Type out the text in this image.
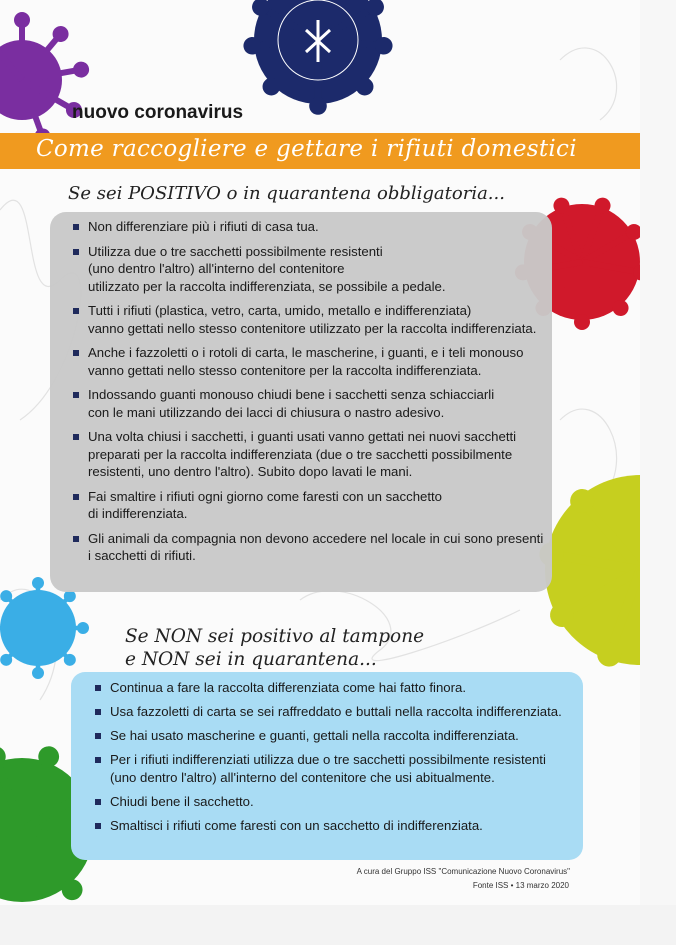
nuovo coronavirus
Come raccogliere e gettare i rifiuti domestici
Se sei POSITIVO o in quarantena obbligatoria...
Non differenziare più i rifiuti di casa tua.
Utilizza due o tre sacchetti possibilmente resistenti
(uno dentro l'altro) all'interno del contenitore
utilizzato per la raccolta indifferenziata, se possibile a pedale.
Tutti i rifiuti (plastica, vetro, carta, umido, metallo e indifferenziata)
vanno gettati nello stesso contenitore utilizzato per la raccolta indifferenziata.
Anche i fazzoletti o i rotoli di carta, le mascherine, i guanti, e i teli monouso
vanno gettati nello stesso contenitore per la raccolta indifferenziata.
Indossando guanti monouso chiudi bene i sacchetti senza schiacciarli
con le mani utilizzando dei lacci di chiusura o nastro adesivo.
Una volta chiusi i sacchetti, i guanti usati vanno gettati nei nuovi sacchetti
preparati per la raccolta indifferenziata (due o tre sacchetti possibilmente
resistenti, uno dentro l'altro). Subito dopo lavati le mani.
Fai smaltire i rifiuti ogni giorno come faresti con un sacchetto
di indifferenziata.
Gli animali da compagnia non devono accedere nel locale in cui sono presenti
i sacchetti di rifiuti.
Se NON sei positivo al tampone
e NON sei in quarantena...
Continua a fare la raccolta differenziata come hai fatto finora.
Usa fazzoletti di carta se sei raffreddato e buttali nella raccolta indifferenziata.
Se hai usato mascherine e guanti, gettali nella raccolta indifferenziata.
Per i rifiuti indifferenziati utilizza due o tre sacchetti possibilmente resistenti
(uno dentro l'altro) all'interno del contenitore che usi abitualmente.
Chiudi bene il sacchetto.
Smaltisci i rifiuti come faresti con un sacchetto di indifferenziata.
A cura del Gruppo ISS "Comunicazione Nuovo Coronavirus"
Fonte ISS • 13 marzo 2020
